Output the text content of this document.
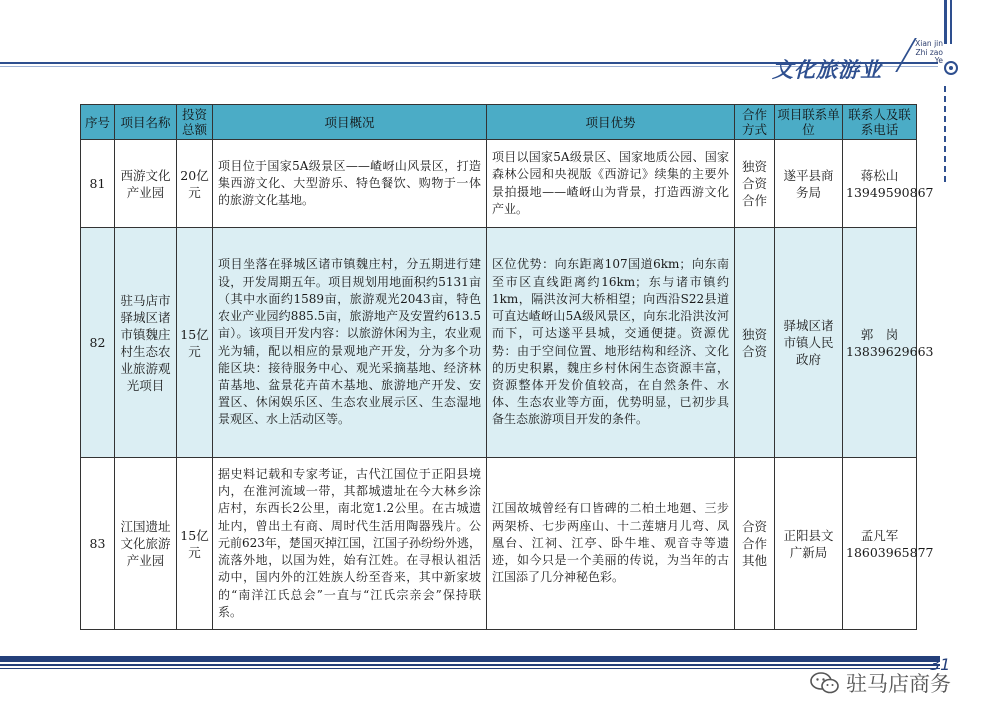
Xian jin
Zhi zao
Ye
文化旅游业
序号	项目名称	投资总额	项目概况	项目优势	合作方式	项目联系单位	联系人及联系电话
81	西游文化产业园	20亿元	项目位于国家5A级景区——嵖岈山风景区，打造集西游文化、大型游乐、特色餐饮、购物于一体的旅游文化基地。	项目以国家5A级景区、国家地质公园、国家森林公园和央视版《西游记》续集的主要外景拍摄地——嵖岈山为背景，打造西游文化产业。	独资合资合作	遂平县商务局	蒋松山
13949590867

82	驻马店市驿城区诸市镇魏庄村生态农业旅游观光项目	15亿元	项目坐落在驿城区诸市镇魏庄村，分五期进行建设，开发周期五年。项目规划用地面积约5131亩（其中水面约1589亩，旅游观光2043亩，特色农业产业园约885.5亩，旅游地产及安置约613.5亩）。该项目开发内容：以旅游休闲为主，农业观光为辅，配以相应的景观地产开发，分为多个功能区块：接待服务中心、观光采摘基地、经济林苗基地、盆景花卉苗木基地、旅游地产开发、安置区、休闲娱乐区、生态农业展示区、生态湿地景观区、水上活动区等。	区位优势：向东距离107国道6km；向东南至市区直线距离约16km；东与诸市镇约1km，隔洪汝河大桥相望；向西沿S22县道可直达嵖岈山5A级风景区，向东北沿洪汝河而下，可达遂平县城，交通便捷。资源优势：由于空间位置、地形结构和经济、文化的历史积累，魏庄乡村休闲生态资源丰富，资源整体开发价值较高，在自然条件、水体、生态农业等方面，优势明显，已初步具备生态旅游项目开发的条件。	独资合资	驿城区诸市镇人民政府	郭　岗
13839629663

83	江国遗址文化旅游产业园	15亿元	据史料记载和专家考证，古代江国位于正阳县境内，在淮河流域一带，其都城遗址在今大林乡涂店村，东西长2公里，南北宽1.2公里。在古城遗址内，曾出土有商、周时代生活用陶器残片。公元前623年，楚国灭掉江国，江国子孙纷纷外逃，流落外地，以国为姓，始有江姓。在寻根认祖活动中，国内外的江姓族人纷至沓来，其中新家坡的“南洋江氏总会”一直与“江氏宗亲会”保持联系。	江国故城曾经有口皆碑的二柏土地廻、三步两架桥、七步两座山、十二莲塘月儿弯、凤凰台、江祠、江亭、卧牛堆、观音寺等遗迹，如今只是一个美丽的传说，为当年的古江国添了几分神秘色彩。	合资合作其他	正阳县文广新局	孟凡军
18603965877
31
驻马店商务
